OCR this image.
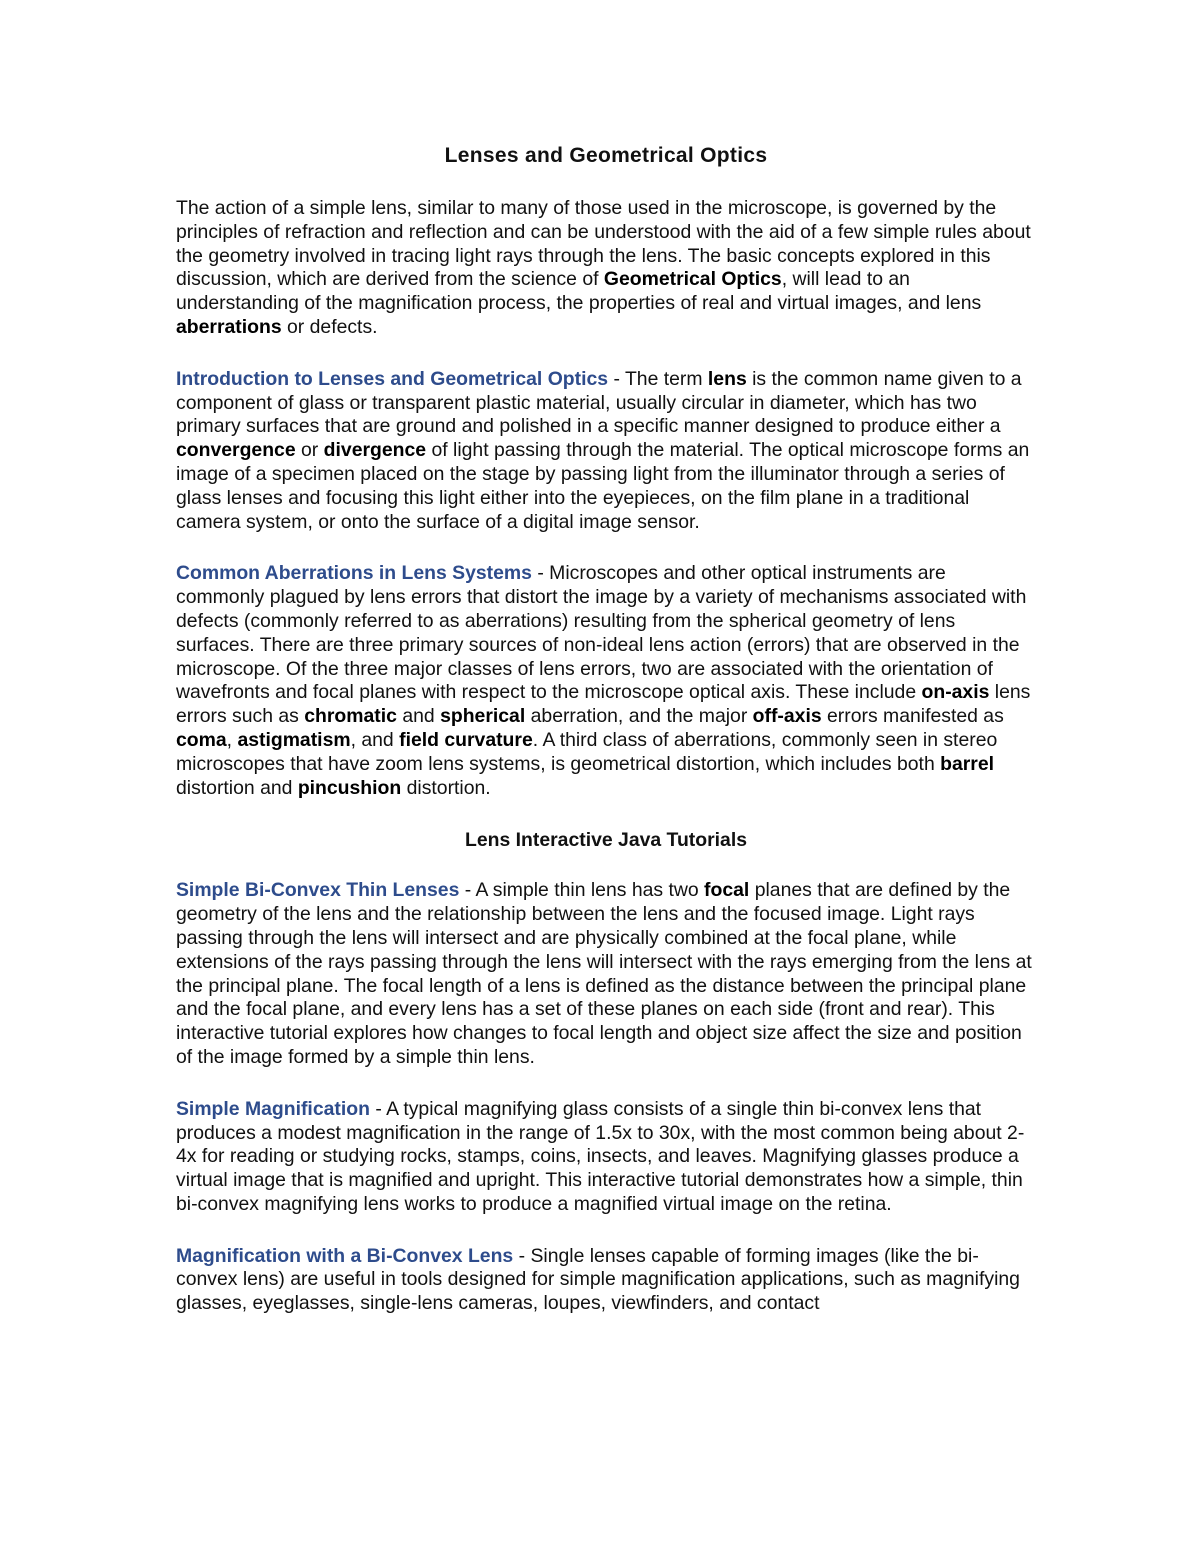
Lenses and Geometrical Optics

The action of a simple lens, similar to many of those used in the microscope, is governed by the principles of refraction and reflection and can be understood with the aid of a few simple rules about the geometry involved in tracing light rays through the lens. The basic concepts explored in this discussion, which are derived from the science of Geometrical Optics, will lead to an understanding of the magnification process, the properties of real and virtual images, and lens aberrations or defects.

Introduction to Lenses and Geometrical Optics - The term lens is the common name given to a component of glass or transparent plastic material, usually circular in diameter, which has two primary surfaces that are ground and polished in a specific manner designed to produce either a convergence or divergence of light passing through the material. The optical microscope forms an image of a specimen placed on the stage by passing light from the illuminator through a series of glass lenses and focusing this light either into the eyepieces, on the film plane in a traditional camera system, or onto the surface of a digital image sensor.

Common Aberrations in Lens Systems - Microscopes and other optical instruments are commonly plagued by lens errors that distort the image by a variety of mechanisms associated with defects (commonly referred to as aberrations) resulting from the spherical geometry of lens surfaces. There are three primary sources of non-ideal lens action (errors) that are observed in the microscope. Of the three major classes of lens errors, two are associated with the orientation of wavefronts and focal planes with respect to the microscope optical axis. These include on-axis lens errors such as chromatic and spherical aberration, and the major off-axis errors manifested as coma, astigmatism, and field curvature. A third class of aberrations, commonly seen in stereo microscopes that have zoom lens systems, is geometrical distortion, which includes both barrel distortion and pincushion distortion.

Lens Interactive Java Tutorials

Simple Bi-Convex Thin Lenses - A simple thin lens has two focal planes that are defined by the geometry of the lens and the relationship between the lens and the focused image. Light rays passing through the lens will intersect and are physically combined at the focal plane, while extensions of the rays passing through the lens will intersect with the rays emerging from the lens at the principal plane. The focal length of a lens is defined as the distance between the principal plane and the focal plane, and every lens has a set of these planes on each side (front and rear). This interactive tutorial explores how changes to focal length and object size affect the size and position of the image formed by a simple thin lens.

Simple Magnification - A typical magnifying glass consists of a single thin bi-convex lens that produces a modest magnification in the range of 1.5x to 30x, with the most common being about 2-4x for reading or studying rocks, stamps, coins, insects, and leaves. Magnifying glasses produce a virtual image that is magnified and upright. This interactive tutorial demonstrates how a simple, thin bi-convex magnifying lens works to produce a magnified virtual image on the retina.

Magnification with a Bi-Convex Lens - Single lenses capable of forming images (like the bi-convex lens) are useful in tools designed for simple magnification applications, such as magnifying glasses, eyeglasses, single-lens cameras, loupes, viewfinders, and contact
